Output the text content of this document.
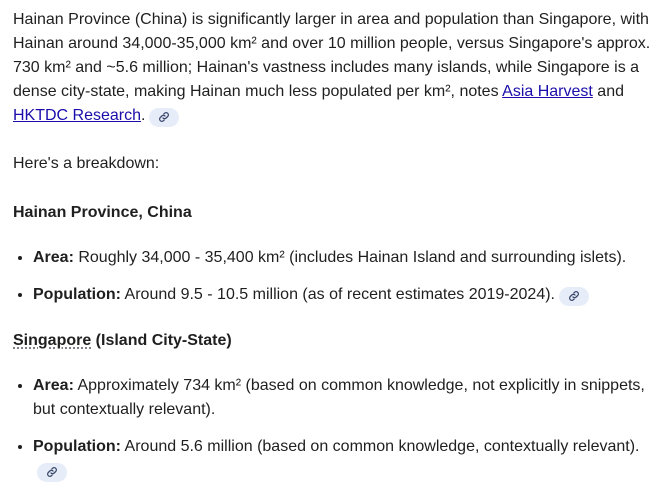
Hainan Province (China) is significantly larger in area and population than Singapore, with Hainan around 34,000-35,000 km² and over 10 million people, versus Singapore's approx. 730 km² and ~5.6 million; Hainan's vastness includes many islands, while Singapore is a dense city-state, making Hainan much less populated per km², notes Asia Harvest and HKTDC Research.

Here's a breakdown:

Hainan Province, China

• Area: Roughly 34,000 - 35,400 km² (includes Hainan Island and surrounding islets).
• Population: Around 9.5 - 10.5 million (as of recent estimates 2019-2024).

Singapore (Island City-State)

• Area: Approximately 734 km² (based on common knowledge, not explicitly in snippets, but contextually relevant).
• Population: Around 5.6 million (based on common knowledge, contextually relevant).
